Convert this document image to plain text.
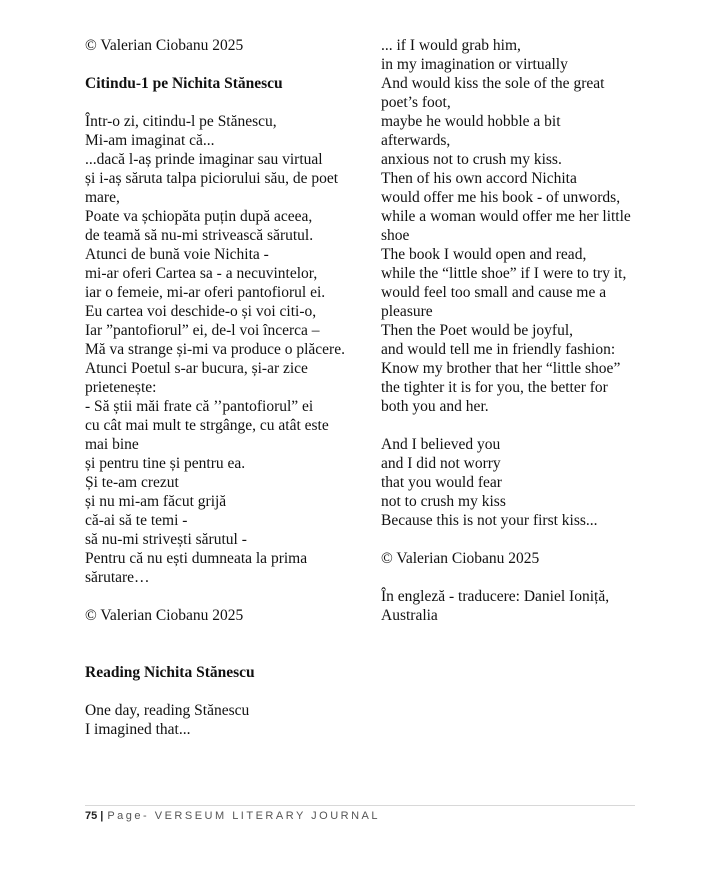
© Valerian Ciobanu 2025
Citindu-1 pe Nichita Stănescu
Într-o zi, citindu-l pe Stănescu,
Mi-am imaginat că...
...dacă l-aș prinde imaginar sau virtual
și i-aș săruta talpa piciorului său, de poet mare,
Poate va șchiopăta puțin după aceea,
de teamă să nu-mi strivească sărutul.
Atunci de bună voie Nichita -
mi-ar oferi Cartea sa - a necuvintelor,
iar o femeie, mi-ar oferi pantofiorul ei.
Eu cartea voi deschide-o și voi citi-o,
Iar ”pantofiorul” ei, de-l voi încerca –
Mă va strange și-mi va produce o plăcere.
Atunci Poetul s-ar bucura, și-ar zice prietenește:
- Să știi măi frate că ’’pantofiorul” ei
cu cât mai mult te strgânge, cu atât este mai bine
și pentru tine și pentru ea.
Și te-am crezut
și nu mi-am făcut grijă
că-ai să te temi -
să nu-mi strivești sărutul -
Pentru că nu ești dumneata la prima sărutare…
© Valerian Ciobanu 2025
Reading Nichita Stănescu
One day, reading Stănescu
I imagined that...
... if I would grab him,
in my imagination or virtually
And would kiss the sole of the great poet’s foot,
maybe he would hobble a bit afterwards,
anxious not to crush my kiss.
Then of his own accord Nichita
would offer me his book - of unwords,
while a woman would offer me her little shoe
The book I would open and read,
while the “little shoe” if I were to try it,
would feel too small and cause me a pleasure
Then the Poet would be joyful,
and would tell me in friendly fashion:
Know my brother that her “little shoe”
the tighter it is for you, the better for both you and her.
And I believed you
and I did not worry
that you would fear
not to crush my kiss
Because this is not your first kiss...
© Valerian Ciobanu 2025
În engleză - traducere: Daniel Ioniță, Australia
75 | Page- VERSEUM LITERARY JOURNAL
